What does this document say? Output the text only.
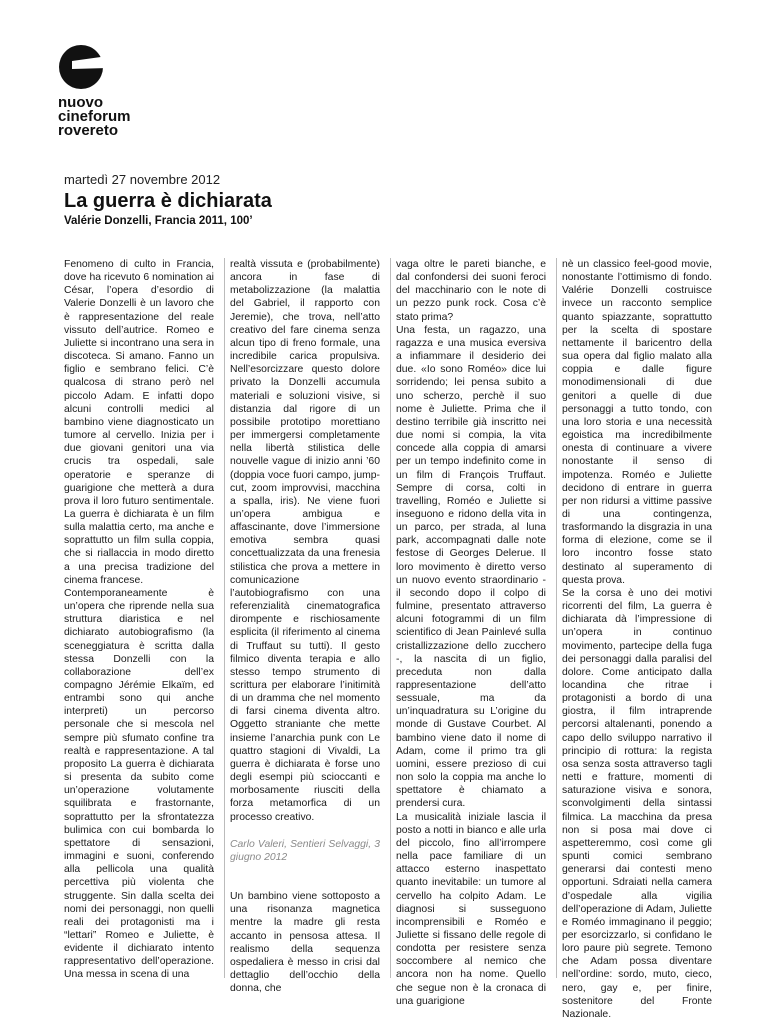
nuovo
cineforum
rovereto
martedì 27 novembre 2012
La guerra è dichiarata
Valérie Donzelli, Francia 2011, 100’

Fenomeno di culto in Francia, dove ha ricevuto 6 nomination ai César, l’opera d’esordio di Valerie Donzelli è un lavoro che è rappresentazione del reale vissuto dell’autrice. Romeo e Juliette si incontrano una sera in discoteca. Si amano. Fanno un figlio e sembrano felici. C’è qualcosa di strano però nel piccolo Adam. E infatti dopo alcuni controlli medici al bambino viene diagnosticato un tumore al cervello. Inizia per i due giovani genitori una via crucis tra ospedali, sale operatorie e speranze di guarigione che metterà a dura prova il loro futuro sentimentale. La guerra è dichiarata è un film sulla malattia certo, ma anche e soprattutto un film sulla coppia, che si riallaccia in modo diretto a una precisa tradizione del cinema francese.

Contemporaneamente è un’opera che riprende nella sua struttura diaristica e nel dichiarato autobiografismo (la sceneggiatura è scritta dalla stessa Donzelli con la collaborazione dell’ex compagno Jérémie Elkaïm, ed entrambi sono qui anche interpreti) un percorso personale che si mescola nel sempre più sfumato confine tra realtà e rappresentazione. A tal proposito La guerra è dichiarata si presenta da subito come un’operazione volutamente squilibrata e frastornante, soprattutto per la sfrontatezza bulimica con cui bombarda lo spettatore di sensazioni, immagini e suoni, conferendo alla pellicola una qualità percettiva più violenta che struggente. Sin dalla scelta dei nomi dei personaggi, non quelli reali dei protagonisti ma i “lettari” Romeo e Juliette, è evidente il dichiarato intento rappresentativo dell’operazione. Una messa in scena di una

realtà vissuta e (probabilmente) ancora in fase di metabolizzazione (la malattia del Gabriel, il rapporto con Jeremie), che trova, nell’atto creativo del fare cinema senza alcun tipo di freno formale, una incredibile carica propulsiva. Nell’esorcizzare questo dolore privato la Donzelli accumula materiali e soluzioni visive, si distanzia dal rigore di un possibile prototipo morettiano per immergersi completamente nella libertà stilistica delle nouvelle vague di inizio anni ’60 (doppia voce fuori campo, jump-cut, zoom improvvisi, macchina a spalla, iris). Ne viene fuori un’opera ambigua e affascinante, dove l’immersione emotiva sembra quasi concettualizzata da una frenesia stilistica che prova a mettere in comunicazione l’autobiografismo con una referenzialità cinematografica dirompente e rischiosamente esplicita (il riferimento al cinema di Truffaut su tutti). Il gesto filmico diventa terapia e allo stesso tempo strumento di scrittura per elaborare l’initimità di un dramma che nel momento di farsi cinema diventa altro. Oggetto straniante che mette insieme l’anarchia punk con Le quattro stagioni di Vivaldi, La guerra è dichiarata è forse uno degli esempi più scioccanti e morbosamente riusciti della forza metamorfica di un processo creativo.

Carlo Valeri, Sentieri Selvaggi, 3 giugno 2012

Un bambino viene sottoposto a una risonanza magnetica mentre la madre gli resta accanto in pensosa attesa. Il realismo della sequenza ospedaliera è messo in crisi dal dettaglio dell’occhio della donna, che

vaga oltre le pareti bianche, e dal confondersi dei suoni feroci del macchinario con le note di un pezzo punk rock. Cosa c’è stato prima?

Una festa, un ragazzo, una ragazza e una musica eversiva a infiammare il desiderio dei due. «Io sono Roméo» dice lui sorridendo; lei pensa subito a uno scherzo, perchè il suo nome è Juliette. Prima che il destino terribile già inscritto nei due nomi si compia, la vita concede alla coppia di amarsi per un tempo indefinito come in un film di François Truffaut. Sempre di corsa, colti in travelling, Roméo e Juliette si inseguono e ridono della vita in un parco, per strada, al luna park, accompagnati dalle note festose di Georges Delerue. Il loro movimento è diretto verso un nuovo evento straordinario - il secondo dopo il colpo di fulmine, presentato attraverso alcuni fotogrammi di un film scientifico di Jean Painlevé sulla cristallizzazione dello zucchero -, la nascita di un figlio, preceduta non dalla rappresentazione dell’atto sessuale, ma da un’inquadratura su L’origine du monde di Gustave Courbet. Al bambino viene dato il nome di Adam, come il primo tra gli uomini, essere prezioso di cui non solo la coppia ma anche lo spettatore è chiamato a prendersi cura.

La musicalità iniziale lascia il posto a notti in bianco e alle urla del piccolo, fino all’irrompere nella pace familiare di un attacco esterno inaspettato quanto inevitabile: un tumore al cervello ha colpito Adam. Le diagnosi si susseguono incomprensibili e Roméo e Juliette si fissano delle regole di condotta per resistere senza soccombere al nemico che ancora non ha nome. Quello che segue non è la cronaca di una guarigione

nè un classico feel-good movie, nonostante l’ottimismo di fondo. Valérie Donzelli costruisce invece un racconto semplice quanto spiazzante, soprattutto per la scelta di spostare nettamente il baricentro della sua opera dal figlio malato alla coppia e dalle figure monodimensionali di due genitori a quelle di due personaggi a tutto tondo, con una loro storia e una necessità egoistica ma incredibilmente onesta di continuare a vivere nonostante il senso di impotenza. Roméo e Juliette decidono di entrare in guerra per non ridursi a vittime passive di una contingenza, trasformando la disgrazia in una forma di elezione, come se il loro incontro fosse stato destinato al superamento di questa prova.

Se la corsa è uno dei motivi ricorrenti del film, La guerra è dichiarata dà l’impressione di un’opera in continuo movimento, partecipe della fuga dei personaggi dalla paralisi del dolore. Come anticipato dalla locandina che ritrae i protagonisti a bordo di una giostra, il film intraprende percorsi altalenanti, ponendo a capo dello sviluppo narrativo il principio di rottura: la regista osa senza sosta attraverso tagli netti e fratture, momenti di saturazione visiva e sonora, sconvolgimenti della sintassi filmica. La macchina da presa non si posa mai dove ci aspetteremmo, così come gli spunti comici sembrano generarsi dai contesti meno opportuni. Sdraiati nella camera d’ospedale alla vigilia dell’operazione di Adam, Juliette e Roméo immaginano il peggio; per esorcizzarlo, si confidano le loro paure più segrete. Temono che Adam possa diventare nell’ordine: sordo, muto, cieco, nero, gay e, per finire, sostenitore del Fronte Nazionale.
